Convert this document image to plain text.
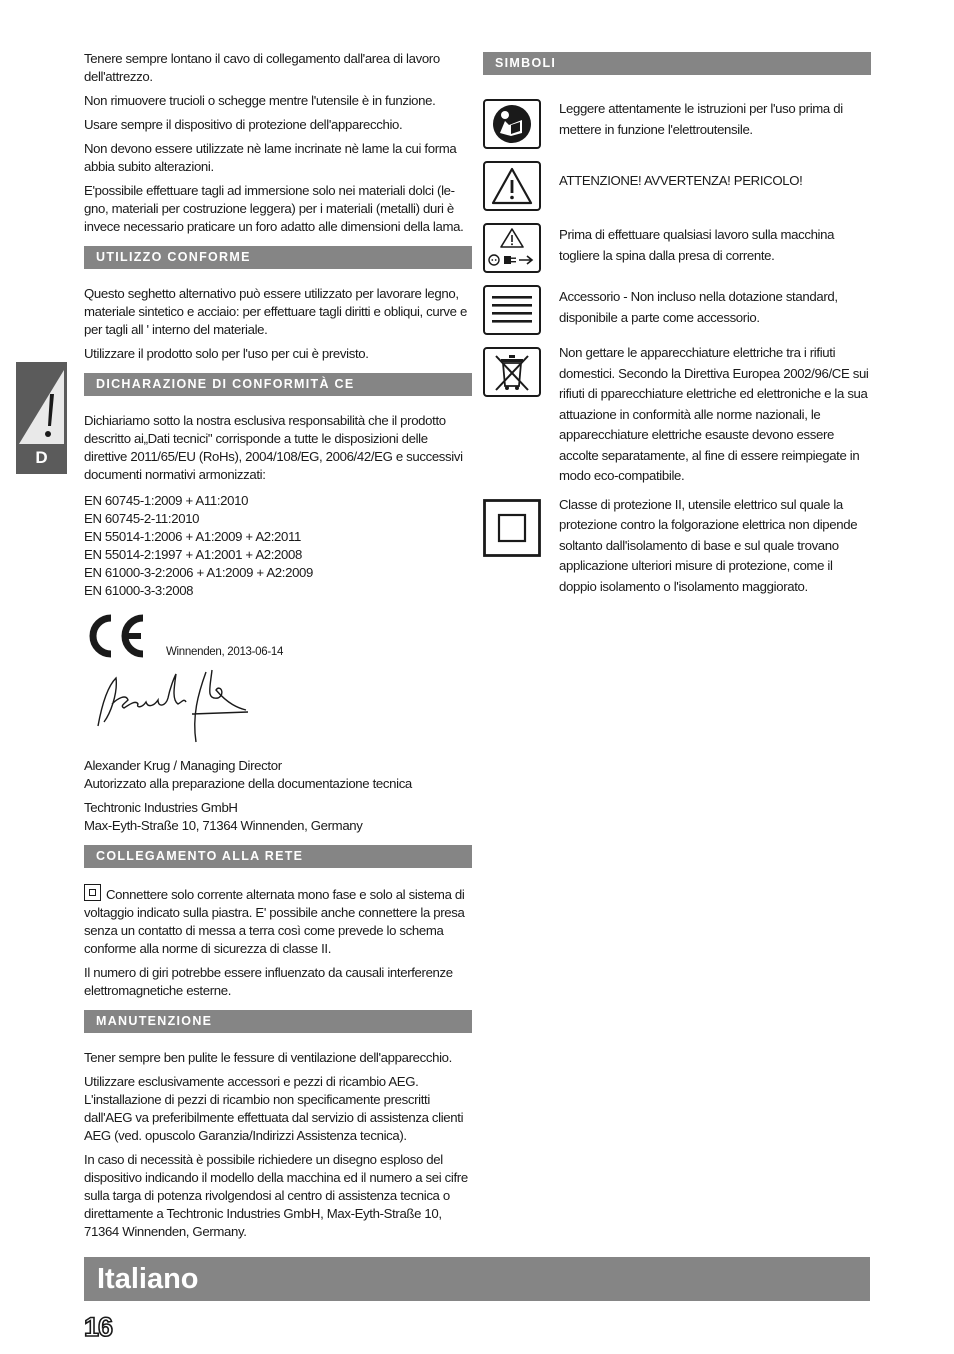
D

Tenere sempre lontano il cavo di collegamento dall'area di lavoro dell'attrezzo.

Non rimuovere trucioli o schegge mentre l'utensile è in funzione.

Usare sempre il dispositivo di protezione dell'apparecchio.

Non devono essere utilizzate nè lame incrinate nè lame la cui forma abbia subito alterazioni.

E'possibile effettuare tagli ad immersione solo nei materiali dolci (le-gno, materiali per costruzione leggera) per i materiali (metalli) duri è invece necessario praticare un foro adatto alle dimensioni della lama.

UTILIZZO CONFORME

Questo seghetto alternativo può essere utilizzato per lavorare legno, materiale sintetico e acciaio: per effettuare tagli diritti e obliqui, curve e per tagli all ' interno del materiale.

Utilizzare il prodotto solo per l'uso per cui è previsto.

DICHARAZIONE DI CONFORMITÀ CE

Dichiariamo sotto la nostra esclusiva responsabilità che il prodotto descritto ai„Dati tecnici" corrisponde a tutte le disposizioni delle direttive 2011/65/EU (RoHs), 2004/108/EG, 2006/42/EG e successivi documenti normativi armonizzati:

EN 60745-1:2009 + A11:2010

EN 60745-2-11:2010

EN 55014-1:2006 + A1:2009 + A2:2011

EN 55014-2:1997 + A1:2001 + A2:2008

EN 61000-3-2:2006 + A1:2009 + A2:2009

EN 61000-3-3:2008

Winnenden, 2013-06-14

Alexander Krug / Managing Director

Autorizzato alla preparazione della documentazione tecnica

Techtronic Industries GmbH

Max-Eyth-Straße 10, 71364 Winnenden, Germany

COLLEGAMENTO ALLA RETE

Connettere solo corrente alternata mono fase e solo al sistema di voltaggio indicato sulla piastra. E' possibile anche connettere la presa senza un contatto di messa a terra così come prevede lo schema conforme alla norme di sicurezza di classe II.

Il numero di giri potrebbe essere influenzato da causali interferenze elettromagnetiche esterne.

MANUTENZIONE

Tener sempre ben pulite le fessure di ventilazione dell'apparecchio.

Utilizzare esclusivamente accessori e pezzi di ricambio AEG. L'installazione di pezzi di ricambio non specificamente prescritti dall'AEG va preferibilmente effettuata dal servizio di assistenza clienti AEG (ved. opuscolo Garanzia/Indirizzi Assistenza tecnica).

In caso di necessità è possibile richiedere un disegno esploso del dispositivo indicando il modello della macchina ed il numero a sei cifre sulla targa di potenza rivolgendosi al centro di assistenza tecnica o direttamente a Techtronic Industries GmbH, Max-Eyth-Straße 10, 71364 Winnenden, Germany.

SIMBOLI
Leggere attentamente le istruzioni per l'uso prima di mettere in funzione l'elettroutensile.
ATTENZIONE! AVVERTENZA! PERICOLO!
Prima di effettuare qualsiasi lavoro sulla macchina togliere la spina dalla presa di corrente.
Accessorio - Non incluso nella dotazione standard, disponibile a parte come accessorio.
Non gettare le apparecchiature elettriche tra i rifiuti domestici. Secondo la Direttiva Europea 2002/96/CE sui rifiuti di pparecchiature elettriche ed elettroniche e la sua attuazione in conformità alle norme nazionali, le apparecchiature elettriche esauste devono essere accolte separatamente, al fine di essere reimpiegate in modo eco-compatibile.
Classe di protezione II, utensile elettrico sul quale la protezione contro la folgorazione elettrica non dipende soltanto dall'isolamento di base e sul quale trovano applicazione ulteriori misure di protezione, come il doppio isolamento o l'isolamento maggiorato.
Italiano
16
